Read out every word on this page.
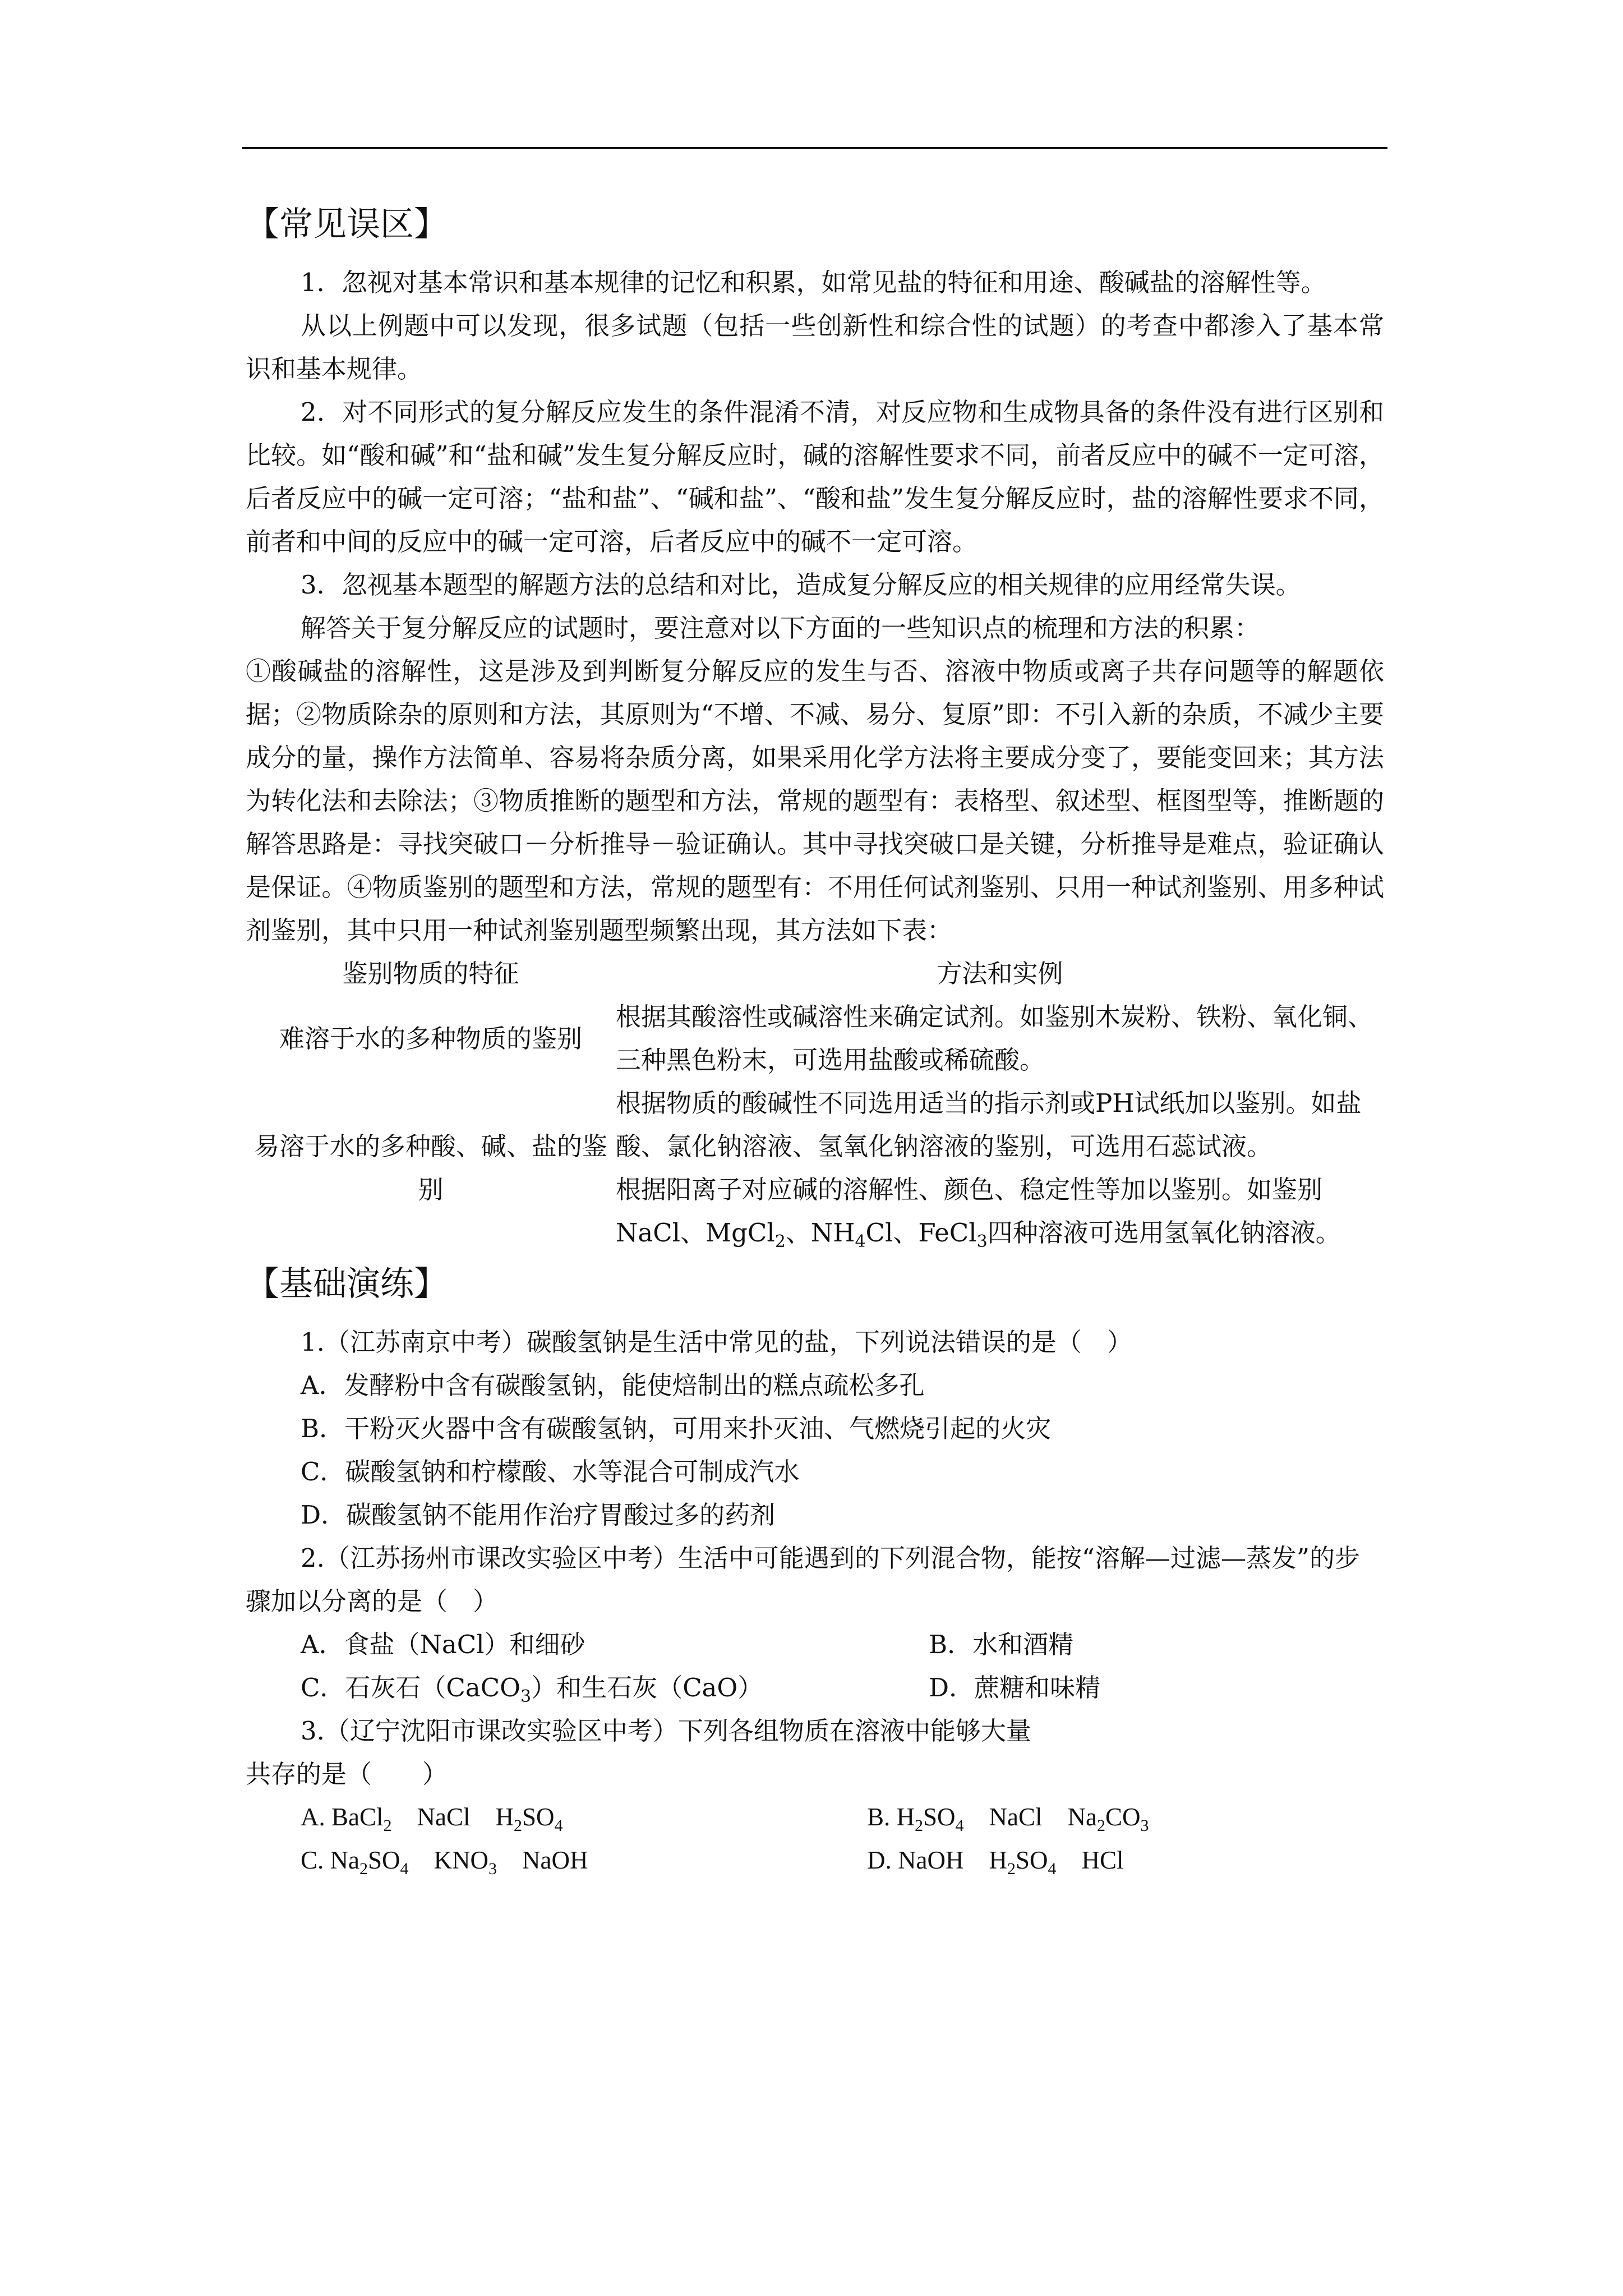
【常见误区】

1．忽视对基本常识和基本规律的记忆和积累，如常见盐的特征和用途、酸碱盐的溶解性等。

从以上例题中可以发现，很多试题（包括一些创新性和综合性的试题）的考查中都渗入了基本常识和基本规律。

2．对不同形式的复分解反应发生的条件混淆不清，对反应物和生成物具备的条件没有进行区别和比较。如“酸和碱”和“盐和碱”发生复分解反应时，碱的溶解性要求不同，前者反应中的碱不一定可溶，后者反应中的碱一定可溶；“盐和盐”、“碱和盐”、“酸和盐”发生复分解反应时，盐的溶解性要求不同，前者和中间的反应中的碱一定可溶，后者反应中的碱不一定可溶。

3．忽视基本题型的解题方法的总结和对比，造成复分解反应的相关规律的应用经常失误。

解答关于复分解反应的试题时，要注意对以下方面的一些知识点的梳理和方法的积累：

①酸碱盐的溶解性，这是涉及到判断复分解反应的发生与否、溶液中物质或离子共存问题等的解题依据；②物质除杂的原则和方法，其原则为“不增、不减、易分、复原”即：不引入新的杂质，不减少主要成分的量，操作方法简单、容易将杂质分离，如果采用化学方法将主要成分变了，要能变回来；其方法为转化法和去除法；③物质推断的题型和方法，常规的题型有：表格型、叙述型、框图型等，推断题的解答思路是：寻找突破口－分析推导－验证确认。其中寻找突破口是关键，分析推导是难点，验证确认是保证。④物质鉴别的题型和方法，常规的题型有：不用任何试剂鉴别、只用一种试剂鉴别、用多种试剂鉴别，其中只用一种试剂鉴别题型频繁出现，其方法如下表：

鉴别物质的特征	方法和实例
难溶于水的多种物质的鉴别	根据其酸溶性或碱溶性来确定试剂。如鉴别木炭粉、铁粉、氧化铜、三种黑色粉末，可选用盐酸或稀硫酸。
易溶于水的多种酸、碱、盐的鉴别	根据物质的酸碱性不同选用适当的指示剂或PH试纸加以鉴别。如盐酸、氯化钠溶液、氢氧化钠溶液的鉴别，可选用石蕊试液。
根据阳离子对应碱的溶解性、颜色、稳定性等加以鉴别。如鉴别NaCl、MgCl$_2$、$NH_4Cl$、FeCl$_3$四种溶液可选用氢氧化钠溶液。
【基础演练】

1.（江苏南京中考）碳酸氢钠是生活中常见的盐，下列说法错误的是（　）

A．发酵粉中含有碳酸氢钠，能使焙制出的糕点疏松多孔

B．干粉灭火器中含有碳酸氢钠，可用来扑灭油、气燃烧引起的火灾

C．碳酸氢钠和柠檬酸、水等混合可制成汽水

D．碳酸氢钠不能用作治疗胃酸过多的药剂

2.（江苏扬州市课改实验区中考）生活中可能遇到的下列混合物，能按“溶解—过滤—蒸发”的步骤加以分离的是（　）

A．食盐（NaCl）和细砂	B．水和酒精
C．石灰石（CaCO$_3$）和生石灰（CaO）	D．蔗糖和味精

3.（辽宁沈阳市课改实验区中考）下列各组物质在溶液中能够大量

共存的是（　　）

A. BaCl$_2$　NaCl　$H_2SO_4$	B. $H_2SO_4$　NaCl　$Na_2CO_3$
C. $Na_2SO_4$　$KNO_3$　NaOH	D. NaOH　$H_2SO_4$　HCl
